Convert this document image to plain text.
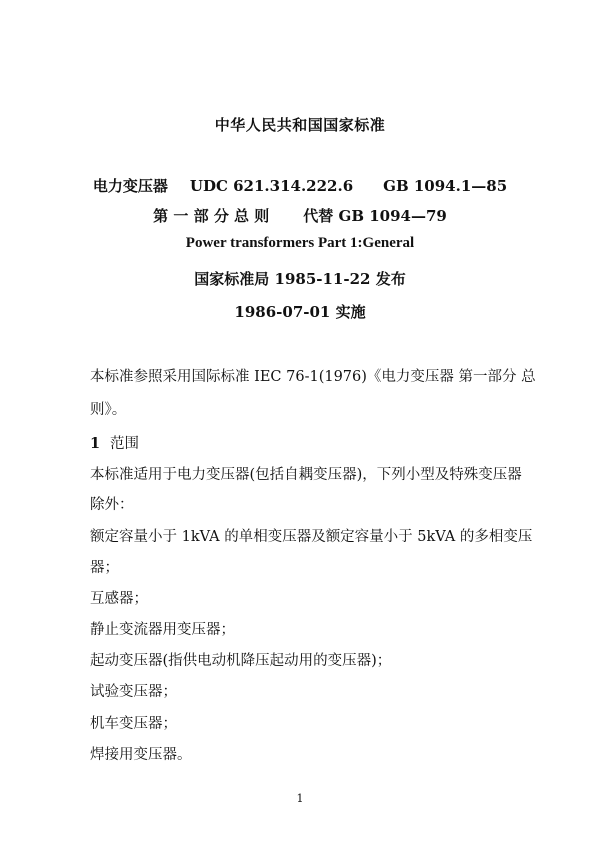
中华人民共和国国家标准
电力变压器 UDC 621.314.222.6 GB 1094.1—85
第 一 部 分 总 则 代替 GB 1094—79
Power transformers Part 1:General
国家标准局 1985-11-22 发布
1986-07-01 实施
本标准参照采用国际标准 IEC 76-1(1976)《电力变压器 第一部分 总
则》。
1 范围
本标准适用于电力变压器(包括自耦变压器)，下列小型及特殊变压器
除外：
额定容量小于 1kVA 的单相变压器及额定容量小于 5kVA 的多相变压
器；
互感器；
静止变流器用变压器；
起动变压器(指供电动机降压起动用的变压器)；
试验变压器；
机车变压器；
焊接用变压器。
1
